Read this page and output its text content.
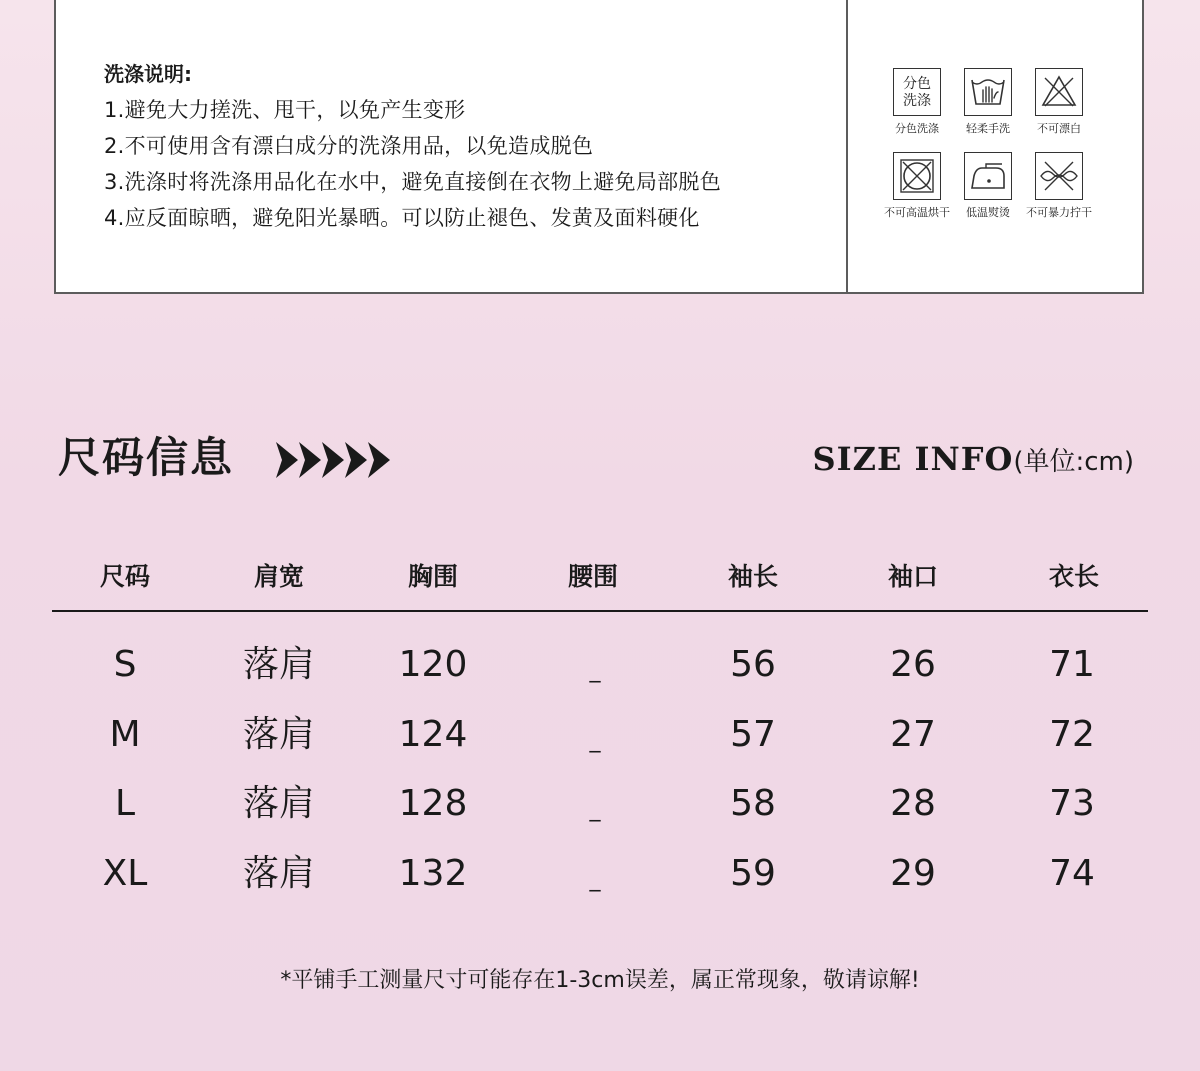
洗涤说明:
1.避免大力搓洗、甩干，以免产生变形
2.不可使用含有漂白成分的洗涤用品，以免造成脱色
3.洗涤时将洗涤用品化在水中，避免直接倒在衣物上避免局部脱色
4.应反面晾晒，避免阳光暴晒。可以防止褪色、发黄及面料硬化
分色
洗涤
分色洗涤	轻柔手洗	不可漂白
不可高温烘干	低温熨烫	不可暴力拧干
尺码信息	SIZE INFO(单位:cm)
尺码	肩宽	胸围	腰围	袖长	袖口	衣长
S	落肩	120	_	56	26	71
M	落肩	124	_	57	27	72
L	落肩	128	_	58	28	73
XL	落肩	132	_	59	29	74
*平铺手工测量尺寸可能存在1-3cm误差，属正常现象，敬请谅解!
